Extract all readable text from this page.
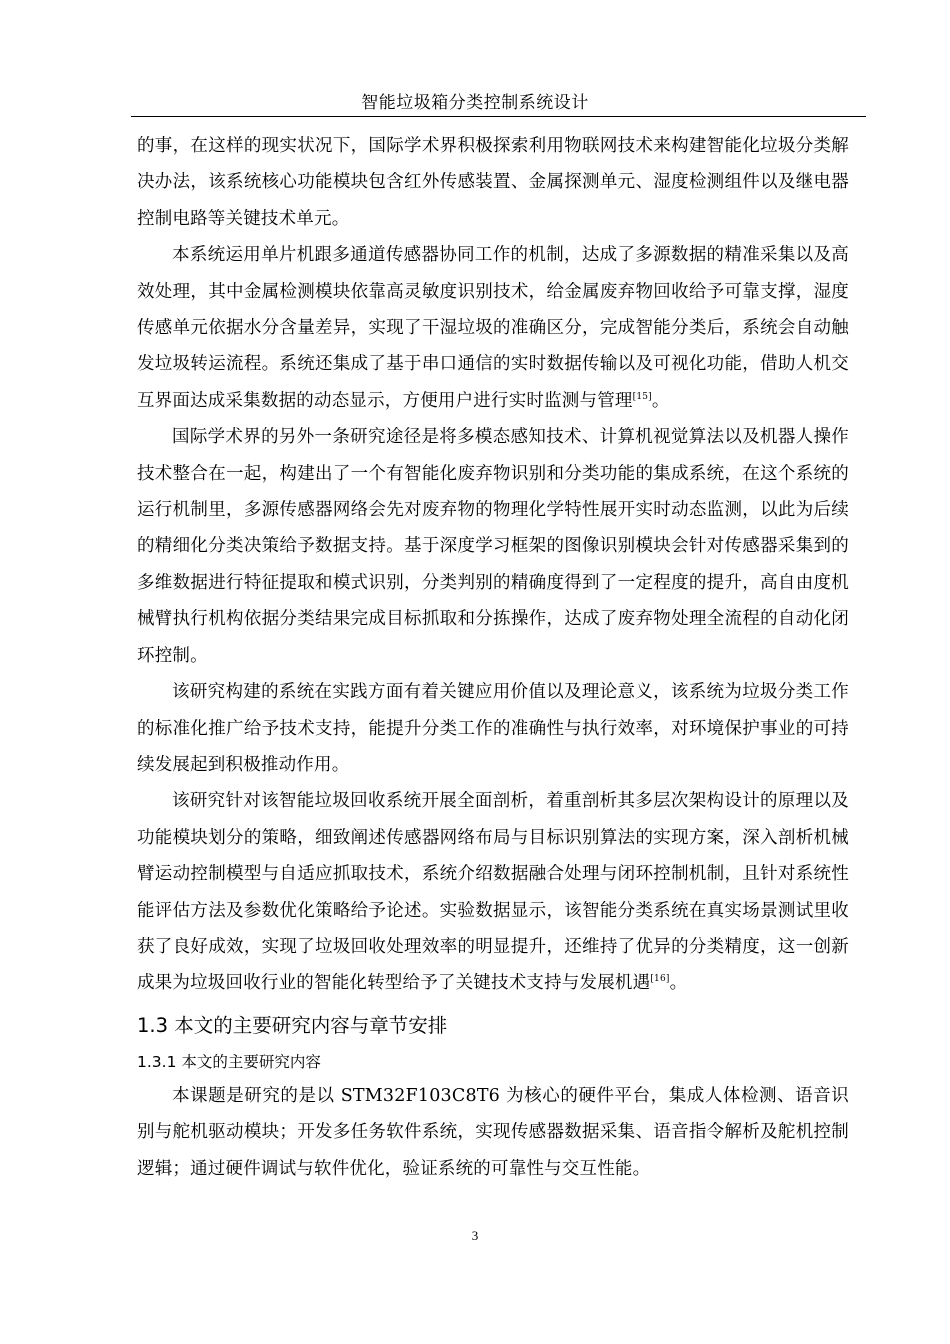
智能垃圾箱分类控制系统设计

的事，在这样的现实状况下，国际学术界积极探索利用物联网技术来构建智能化垃圾分类解决办法，该系统核心功能模块包含红外传感装置、金属探测单元、湿度检测组件以及继电器控制电路等关键技术单元。

本系统运用单片机跟多通道传感器协同工作的机制，达成了多源数据的精准采集以及高效处理，其中金属检测模块依靠高灵敏度识别技术，给金属废弃物回收给予可靠支撑，湿度传感单元依据水分含量差异，实现了干湿垃圾的准确区分，完成智能分类后，系统会自动触发垃圾转运流程。系统还集成了基于串口通信的实时数据传输以及可视化功能，借助人机交互界面达成采集数据的动态显示，方便用户进行实时监测与管理[15]。

国际学术界的另外一条研究途径是将多模态感知技术、计算机视觉算法以及机器人操作技术整合在一起，构建出了一个有智能化废弃物识别和分类功能的集成系统，在这个系统的运行机制里，多源传感器网络会先对废弃物的物理化学特性展开实时动态监测，以此为后续的精细化分类决策给予数据支持。基于深度学习框架的图像识别模块会针对传感器采集到的多维数据进行特征提取和模式识别，分类判别的精确度得到了一定程度的提升，高自由度机械臂执行机构依据分类结果完成目标抓取和分拣操作，达成了废弃物处理全流程的自动化闭环控制。

该研究构建的系统在实践方面有着关键应用价值以及理论意义，该系统为垃圾分类工作的标准化推广给予技术支持，能提升分类工作的准确性与执行效率，对环境保护事业的可持续发展起到积极推动作用。

该研究针对该智能垃圾回收系统开展全面剖析，着重剖析其多层次架构设计的原理以及功能模块划分的策略，细致阐述传感器网络布局与目标识别算法的实现方案，深入剖析机械臂运动控制模型与自适应抓取技术，系统介绍数据融合处理与闭环控制机制，且针对系统性能评估方法及参数优化策略给予论述。实验数据显示，该智能分类系统在真实场景测试里收获了良好成效，实现了垃圾回收处理效率的明显提升，还维持了优异的分类精度，这一创新成果为垃圾回收行业的智能化转型给予了关键技术支持与发展机遇[16]。

1.3 本文的主要研究内容与章节安排
1.3.1 本文的主要研究内容

本课题是研究的是以 STM32F103C8T6 为核心的硬件平台，集成人体检测、语音识别与舵机驱动模块；开发多任务软件系统，实现传感器数据采集、语音指令解析及舵机控制逻辑；通过硬件调试与软件优化，验证系统的可靠性与交互性能。

3
